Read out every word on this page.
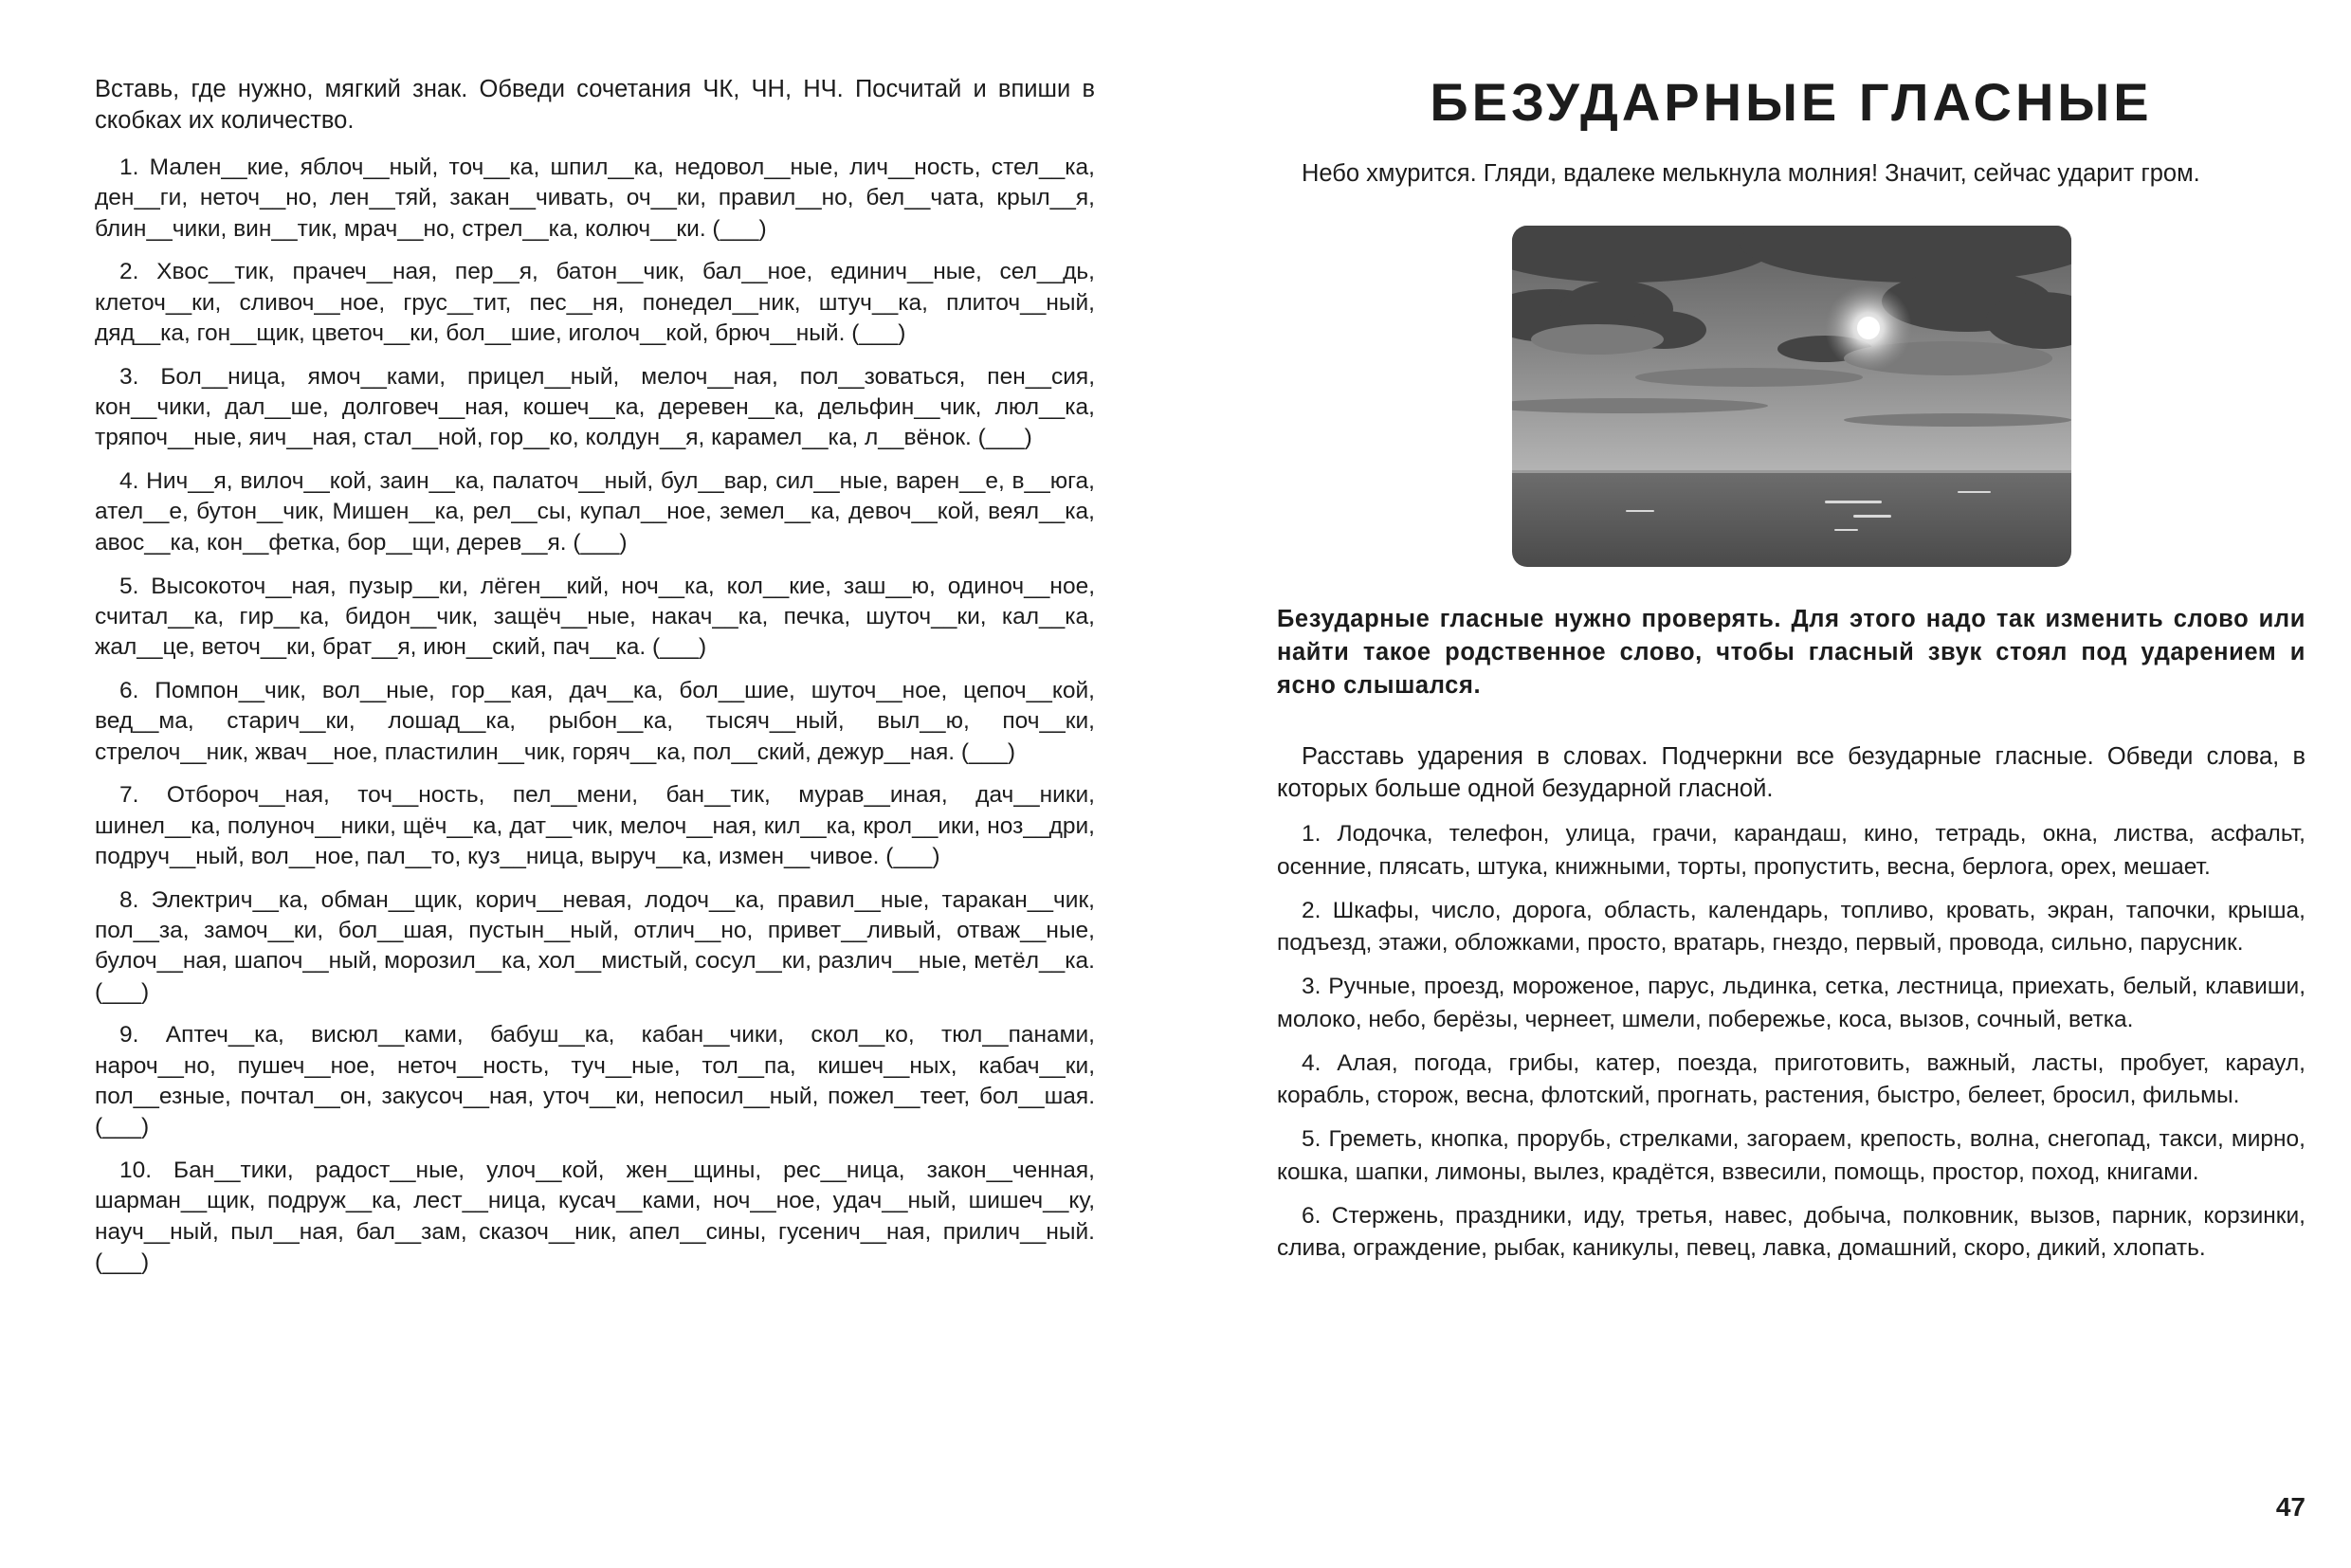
Вставь, где нужно, мягкий знак. Обведи сочетания ЧК, ЧН, НЧ. Посчитай и впиши в скобках их количество.

1. Мален__кие, яблоч__ный, точ__ка, шпил__ка, недовол__ные, лич__ность, стел__ка, ден__ги, неточ__но, лен__тяй, закан__чивать, оч__ки, правил__но, бел__чата, крыл__я, блин__чики, вин__тик, мрач__но, стрел__ка, колюч__ки. (___)

2. Хвос__тик, прачеч__ная, пер__я, батон__чик, бал__ное, единич__ные, сел__дь, клеточ__ки, сливоч__ное, грус__тит, пес__ня, понедел__ник, штуч__ка, плиточ__ный, дяд__ка, гон__щик, цветоч__ки, бол__шие, иголоч__кой, брюч__ный. (___)

3. Бол__ница, ямоч__ками, прицел__ный, мелоч__ная, пол__зоваться, пен__сия, кон__чики, дал__ше, долговеч__ная, кошеч__ка, деревен__ка, дельфин__чик, люл__ка, тряпоч__ные, яич__ная, стал__ной, гор__ко, колдун__я, карамел__ка, л__вёнок. (___)

4. Нич__я, вилоч__кой, заин__ка, палаточ__ный, бул__вар, сил__ные, варен__е, в__юга, ател__е, бутон__чик, Мишен__ка, рел__сы, купал__ное, земел__ка, девоч__кой, веял__ка, авос__ка, кон__фетка, бор__щи, дерев__я. (___)

5. Высокоточ__ная, пузыр__ки, лёген__кий, ноч__ка, кол__кие, заш__ю, одиноч__ное, считал__ка, гир__ка, бидон__чик, защёч__ные, накач__ка, печка, шуточ__ки, кал__ка, жал__це, веточ__ки, брат__я, июн__ский, пач__ка. (___)

6. Помпон__чик, вол__ные, гор__кая, дач__ка, бол__шие, шуточ__ное, цепоч__кой, вед__ма, старич__ки, лошад__ка, рыбон__ка, тысяч__ный, выл__ю, поч__ки, стрелоч__ник, жвач__ное, пластилин__чик, горяч__ка, пол__ский, дежур__ная. (___)

7. Отбороч__ная, точ__ность, пел__мени, бан__тик, мурав__иная, дач__ники, шинел__ка, полуноч__ники, щёч__ка, дат__чик, мелоч__ная, кил__ка, крол__ики, ноз__дри, подруч__ный, вол__ное, пал__то, куз__ница, выруч__ка, измен__чивое. (___)

8. Электрич__ка, обман__щик, корич__невая, лодоч__ка, правил__ные, таракан__чик, пол__за, замоч__ки, бол__шая, пустын__ный, отлич__но, привет__ливый, отваж__ные, булоч__ная, шапоч__ный, морозил__ка, хол__мистый, сосул__ки, различ__ные, метёл__ка. (___)

9. Аптеч__ка, висюл__ками, бабуш__ка, кабан__чики, скол__ко, тюл__панами, нароч__но, пушеч__ное, неточ__ность, туч__ные, тол__па, кишеч__ных, кабач__ки, пол__езные, почтал__он, закусоч__ная, уточ__ки, непосил__ный, пожел__теет, бол__шая. (___)

10. Бан__тики, радост__ные, улоч__кой, жен__щины, рес__ница, закон__ченная, шарман__щик, подруж__ка, лест__ница, кусач__ками, ноч__ное, удач__ный, шишеч__ку, науч__ный, пыл__ная, бал__зам, сказоч__ник, апел__сины, гусенич__ная, прилич__ный. (___)

БЕЗУДАРНЫЕ ГЛАСНЫЕ

Небо хмурится. Гляди, вдалеке мелькнула молния! Значит, сейчас ударит гром.

Безударные гласные нужно проверять. Для этого надо так изменить слово или найти такое родственное слово, чтобы гласный звук стоял под ударением и ясно слышался.

Расставь ударения в словах. Подчеркни все безударные гласные. Обведи слова, в которых больше одной безударной гласной.

1. Лодочка, телефон, улица, грачи, карандаш, кино, тетрадь, окна, листва, асфальт, осенние, плясать, штука, книжными, торты, пропустить, весна, берлога, орех, мешает.

2. Шкафы, число, дорога, область, календарь, топливо, кровать, экран, тапочки, крыша, подъезд, этажи, обложками, просто, вратарь, гнездо, первый, провода, сильно, парусник.

3. Ручные, проезд, мороженое, парус, льдинка, сетка, лестница, приехать, белый, клавиши, молоко, небо, берёзы, чернеет, шмели, побережье, коса, вызов, сочный, ветка.

4. Алая, погода, грибы, катер, поезда, приготовить, важный, ласты, пробует, караул, корабль, сторож, весна, флотский, прогнать, растения, быстро, белеет, бросил, фильмы.

5. Греметь, кнопка, прорубь, стрелками, загораем, крепость, волна, снегопад, такси, мирно, кошка, шапки, лимоны, вылез, крадётся, взвесили, помощь, простор, поход, книгами.

6. Стержень, праздники, иду, третья, навес, добыча, полковник, вызов, парник, корзинки, слива, ограждение, рыбак, каникулы, певец, лавка, домашний, скоро, дикий, хлопать.

47
